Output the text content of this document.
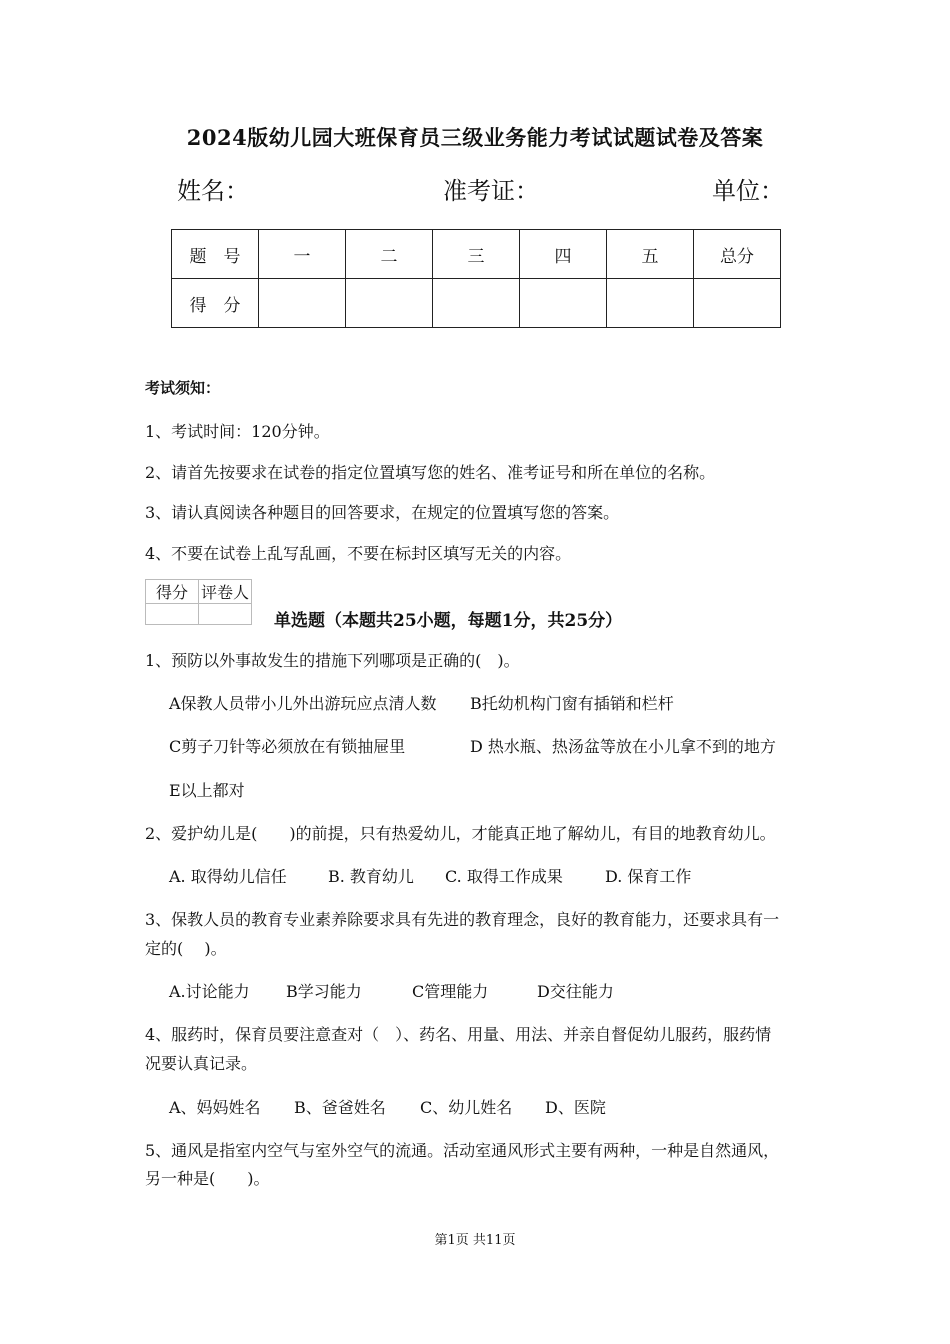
2024版幼儿园大班保育员三级业务能力考试试题试卷及答案
姓名：	准考证：	单位：
题　号	一	二	三	四	五	总分
得　分						
考试须知：
1、考试时间：120分钟。
2、请首先按要求在试卷的指定位置填写您的姓名、准考证号和所在单位的名称。
3、请认真阅读各种题目的回答要求，在规定的位置填写您的答案。
4、不要在试卷上乱写乱画，不要在标封区填写无关的内容。
得分	评卷人

单选题（本题共25小题，每题1分，共25分）
1、预防以外事故发生的措施下列哪项是正确的(　)。
A保教人员带小儿外出游玩应点清人数 B托幼机构门窗有插销和栏杆
C剪子刀针等必须放在有锁抽屉里	D 热水瓶、热汤盆等放在小儿拿不到的地方
E以上都对
2、爱护幼儿是(　　)的前提，只有热爱幼儿，才能真正地了解幼儿，有目的地教育幼儿。
A. 取得幼儿信任	B. 教育幼儿 C. 取得工作成果	D. 保育工作
3、保教人员的教育专业素养除要求具有先进的教育理念，良好的教育能力，还要求具有一
定的(　 )。
A.讨论能力 B学习能力	C管理能力	D交往能力
4、服药时，保育员要注意查对（　）、药名、用量、用法、并亲自督促幼儿服药，服药情
况要认真记录。
A、妈妈姓名 B、爸爸姓名 C、幼儿姓名 D、医院
5、通风是指室内空气与室外空气的流通。活动室通风形式主要有两种，一种是自然通风，
另一种是(　　)。
第1页 共11页
